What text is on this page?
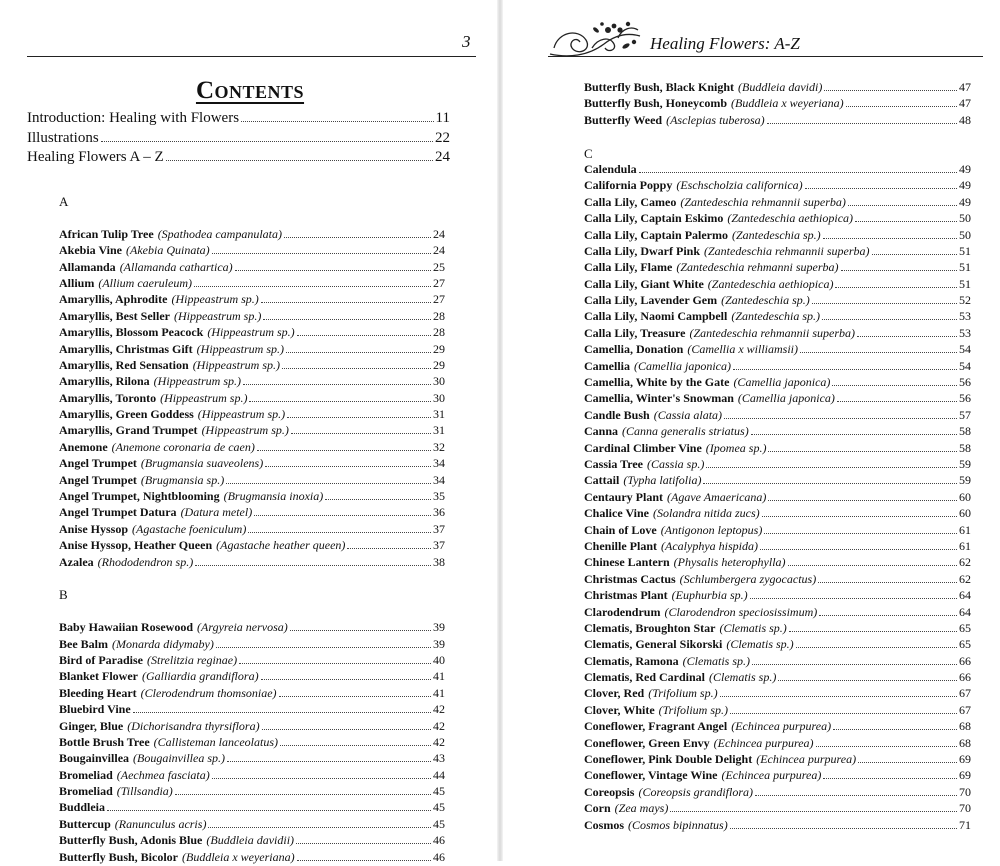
3
Contents
Introduction: Healing with Flowers	11
Illustrations	22
Healing Flowers A – Z	24
A
African Tulip Tree (Spathodea campanulata)	24
Akebia Vine (Akebia Quinata)	24
Allamanda (Allamanda cathartica)	25
Allium (Allium caeruleum)	27
Amaryllis, Aphrodite (Hippeastrum sp.)	27
Amaryllis, Best Seller (Hippeastrum sp.)	28
Amaryllis, Blossom Peacock (Hippeastrum sp.)	28
Amaryllis, Christmas Gift (Hippeastrum sp.)	29
Amaryllis, Red Sensation (Hippeastrum sp.)	29
Amaryllis, Rilona (Hippeastrum sp.)	30
Amaryllis, Toronto (Hippeastrum sp.)	30
Amaryllis, Green Goddess (Hippeastrum sp.)	31
Amaryllis, Grand Trumpet (Hippeastrum sp.)	31
Anemone (Anemone coronaria de caen)	32
Angel Trumpet (Brugmansia suaveolens)	34
Angel Trumpet (Brugmansia sp.)	34
Angel Trumpet, Nightblooming (Brugmansia inoxia)	35
Angel Trumpet Datura (Datura metel)	36
Anise Hyssop (Agastache foeniculum)	37
Anise Hyssop, Heather Queen (Agastache heather queen)	37
Azalea (Rhododendron sp.)	38
B
Baby Hawaiian Rosewood (Argyreia nervosa)	39
Bee Balm (Monarda didymaby)	39
Bird of Paradise (Strelitzia reginae)	40
Blanket Flower (Galliardia grandiflora)	41
Bleeding Heart (Clerodendrum thomsoniae)	41
Bluebird Vine	42
Ginger, Blue (Dichorisandra thyrsiflora)	42
Bottle Brush Tree (Callisteman lanceolatus)	42
Bougainvillea (Bougainvillea sp.)	43
Bromeliad (Aechmea fasciata)	44
Bromeliad (Tillsandia)	45
Buddleia	45
Buttercup (Ranunculus acris)	45
Butterfly Bush, Adonis Blue (Buddleia davidii)	46
Butterfly Bush, Bicolor (Buddleia x weyeriana)	46
Healing Flowers: A-Z
Butterfly Bush, Black Knight (Buddleia davidi)	47
Butterfly Bush, Honeycomb (Buddleia x weyeriana)	47
Butterfly Weed (Asclepias tuberosa)	48
C
Calendula	49
California Poppy (Eschscholzia californica)	49
Calla Lily, Cameo (Zantedeschia rehmannii superba)	49
Calla Lily, Captain Eskimo (Zantedeschia aethiopica)	50
Calla Lily, Captain Palermo (Zantedeschia sp.)	50
Calla Lily, Dwarf Pink (Zantedeschia rehmannii superba)	51
Calla Lily, Flame (Zantedeschia rehmanni superba)	51
Calla Lily, Giant White (Zantedeschia aethiopica)	51
Calla Lily, Lavender Gem (Zantedeschia sp.)	52
Calla Lily, Naomi Campbell (Zantedeschia sp.)	53
Calla Lily, Treasure (Zantedeschia rehmannii superba)	53
Camellia, Donation (Camellia x williamsii)	54
Camellia (Camellia japonica)	54
Camellia, White by the Gate (Camellia japonica)	56
Camellia, Winter's Snowman (Camellia japonica)	56
Candle Bush (Cassia alata)	57
Canna (Canna generalis striatus)	58
Cardinal Climber Vine (Ipomea sp.)	58
Cassia Tree (Cassia sp.)	59
Cattail (Typha latifolia)	59
Centaury Plant (Agave Amaericana)	60
Chalice Vine (Solandra nitida zucs)	60
Chain of Love (Antigonon leptopus)	61
Chenille Plant (Acalyphya hispida)	61
Chinese Lantern (Physalis heterophylla)	62
Christmas Cactus (Schlumbergera zygocactus)	62
Christmas Plant (Euphurbia sp.)	64
Clarodendrum (Clarodendron speciosissimum)	64
Clematis, Broughton Star (Clematis sp.)	65
Clematis, General Sikorski (Clematis sp.)	65
Clematis, Ramona (Clematis sp.)	66
Clematis, Red Cardinal (Clematis sp.)	66
Clover, Red (Trifolium sp.)	67
Clover, White (Trifolium sp.)	67
Coneflower, Fragrant Angel (Echincea purpurea)	68
Coneflower, Green Envy (Echincea purpurea)	68
Coneflower, Pink Double Delight (Echincea purpurea)	69
Coneflower, Vintage Wine (Echincea purpurea)	69
Coreopsis (Coreopsis grandiflora)	70
Corn (Zea mays)	70
Cosmos (Cosmos bipinnatus)	71
